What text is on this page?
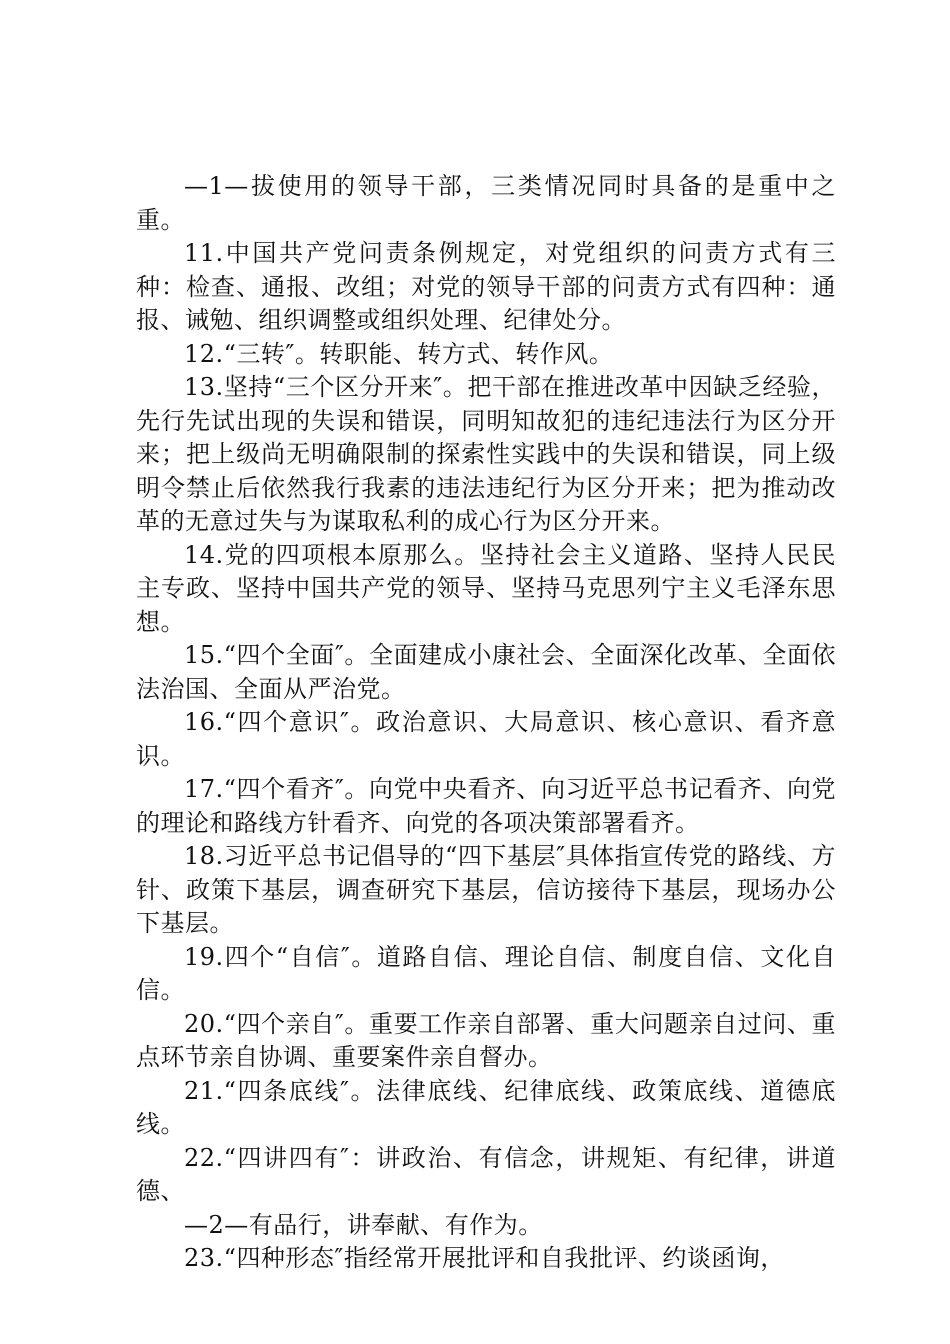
—1—拔使用的领导干部，三类情况同时具备的是重中之重。

11.中国共产党问责条例规定，对党组织的问责方式有三种：检查、通报、改组；对党的领导干部的问责方式有四种：通报、诫勉、组织调整或组织处理、纪律处分。

12.“三转″。转职能、转方式、转作风。

13.坚持“三个区分开来″。把干部在推进改革中因缺乏经验，先行先试出现的失误和错误，同明知故犯的违纪违法行为区分开来；把上级尚无明确限制的探索性实践中的失误和错误，同上级明令禁止后依然我行我素的违法违纪行为区分开来；把为推动改革的无意过失与为谋取私利的成心行为区分开来。

14.党的四项根本原那么。坚持社会主义道路、坚持人民民主专政、坚持中国共产党的领导、坚持马克思列宁主义毛泽东思想。

15.“四个全面″。全面建成小康社会、全面深化改革、全面依法治国、全面从严治党。

16.“四个意识″。政治意识、大局意识、核心意识、看齐意识。

17.“四个看齐″。向党中央看齐、向习近平总书记看齐、向党的理论和路线方针看齐、向党的各项决策部署看齐。

18.习近平总书记倡导的“四下基层″具体指宣传党的路线、方针、政策下基层，调查研究下基层，信访接待下基层，现场办公下基层。

19.四个“自信″。道路自信、理论自信、制度自信、文化自信。

20.“四个亲自″。重要工作亲自部署、重大问题亲自过问、重点环节亲自协调、重要案件亲自督办。

21.“四条底线″。法律底线、纪律底线、政策底线、道德底线。

22.“四讲四有″：讲政治、有信念，讲规矩、有纪律，讲道德、

—2—有品行，讲奉献、有作为。

23.“四种形态″指经常开展批评和自我批评、约谈函询，
